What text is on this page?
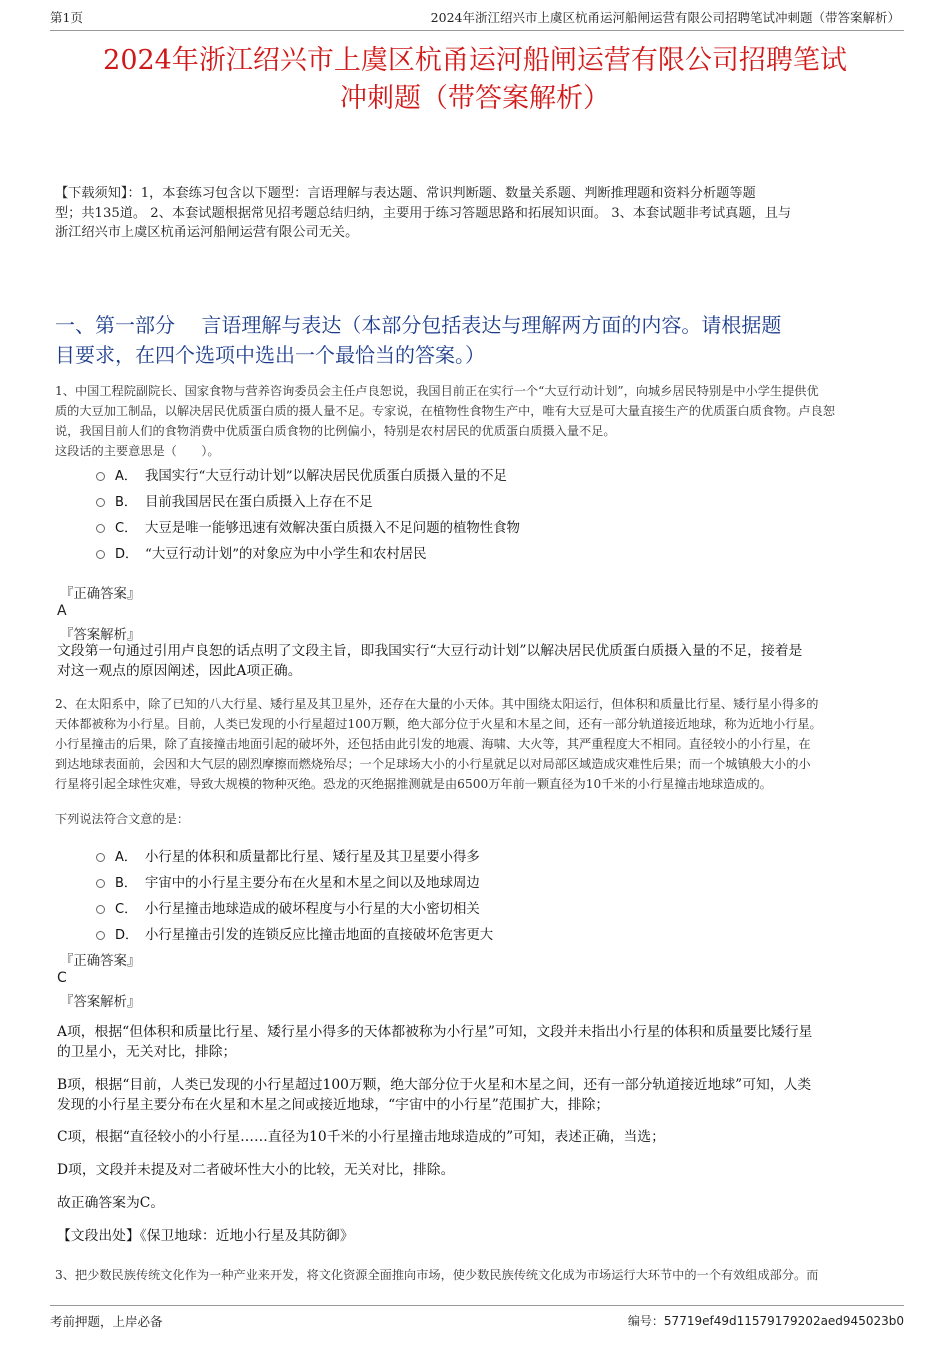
第1页	2024年浙江绍兴市上虞区杭甬运河船闸运营有限公司招聘笔试冲刺题（带答案解析）
2024年浙江绍兴市上虞区杭甬运河船闸运营有限公司招聘笔试
冲刺题（带答案解析）
【下载须知】：1，本套练习包含以下题型：言语理解与表达题、常识判断题、数量关系题、判断推理题和资料分析题等题
型；共135道。 2、本套试题根据常见招考题总结归纳，主要用于练习答题思路和拓展知识面。 3、本套试题非考试真题，且与
浙江绍兴市上虞区杭甬运河船闸运营有限公司无关。
一、第一部分　 言语理解与表达（本部分包括表达与理解两方面的内容。请根据题
目要求，在四个选项中选出一个最恰当的答案。）
1、中国工程院副院长、国家食物与营养咨询委员会主任卢良恕说，我国目前正在实行一个“大豆行动计划”，向城乡居民特别是中小学生提供优
质的大豆加工制品，以解决居民优质蛋白质的摄人量不足。专家说，在植物性食物生产中，唯有大豆是可大量直接生产的优质蛋白质食物。卢良恕
说，我国目前人们的食物消费中优质蛋白质食物的比例偏小，特别是农村居民的优质蛋白质摄入量不足。
这段话的主要意思是（　　）。
A． 我国实行“大豆行动计划”以解决居民优质蛋白质摄入量的不足
B． 目前我国居民在蛋白质摄入上存在不足
C． 大豆是唯一能够迅速有效解决蛋白质摄入不足问题的植物性食物
D． “大豆行动计划”的对象应为中小学生和农村居民
『正确答案』
A
『答案解析』
文段第一句通过引用卢良恕的话点明了文段主旨，即我国实行“大豆行动计划”以解决居民优质蛋白质摄入量的不足，接着是
对这一观点的原因阐述，因此A项正确。
2、在太阳系中，除了已知的八大行星、矮行星及其卫星外，还存在大量的小天体。其中围绕太阳运行，但体积和质量比行星、矮行星小得多的
天体都被称为小行星。目前，人类已发现的小行星超过100万颗，绝大部分位于火星和木星之间，还有一部分轨道接近地球，称为近地小行星。
小行星撞击的后果，除了直接撞击地面引起的破坏外，还包括由此引发的地震、海啸、大火等，其严重程度大不相同。直径较小的小行星，在
到达地球表面前，会因和大气层的剧烈摩擦而燃烧殆尽；一个足球场大小的小行星就足以对局部区域造成灾难性后果；而一个城镇般大小的小
行星将引起全球性灾难，导致大规模的物种灭绝。恐龙的灭绝据推测就是由6500万年前一颗直径为10千米的小行星撞击地球造成的。
下列说法符合文意的是：
A． 小行星的体积和质量都比行星、矮行星及其卫星要小得多
B． 宇宙中的小行星主要分布在火星和木星之间以及地球周边
C． 小行星撞击地球造成的破坏程度与小行星的大小密切相关
D． 小行星撞击引发的连锁反应比撞击地面的直接破坏危害更大
『正确答案』
C
『答案解析』
A项，根据“但体积和质量比行星、矮行星小得多的天体都被称为小行星”可知，文段并未指出小行星的体积和质量要比矮行星
的卫星小，无关对比，排除；
B项，根据“目前，人类已发现的小行星超过100万颗，绝大部分位于火星和木星之间，还有一部分轨道接近地球”可知，人类
发现的小行星主要分布在火星和木星之间或接近地球，“宇宙中的小行星”范围扩大，排除；
C项，根据“直径较小的小行星……直径为10千米的小行星撞击地球造成的”可知，表述正确，当选；
D项，文段并未提及对二者破坏性大小的比较，无关对比，排除。
故正确答案为C。
【文段出处】《保卫地球：近地小行星及其防御》
3、把少数民族传统文化作为一种产业来开发，将文化资源全面推向市场，使少数民族传统文化成为市场运行大环节中的一个有效组成部分。而
考前押题，上岸必备	编号：57719ef49d11579179202aed945023b0
